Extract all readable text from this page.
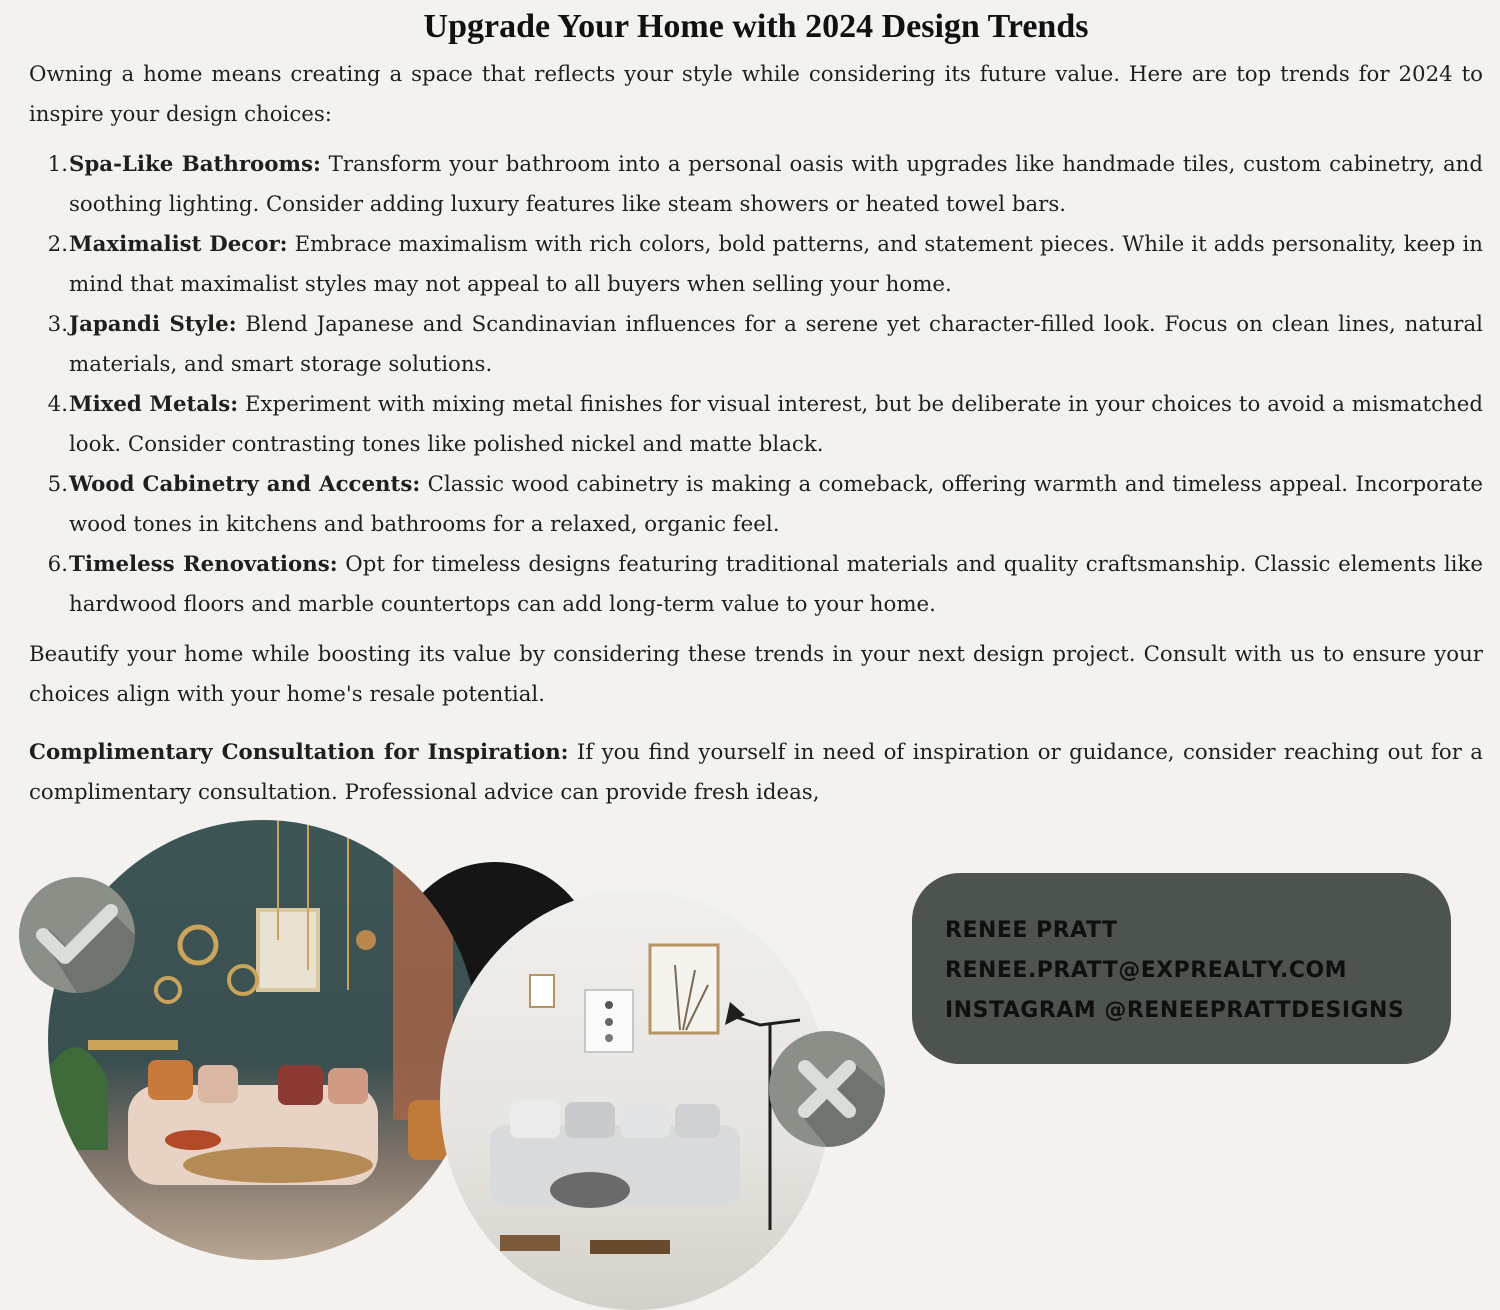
Upgrade Your Home with 2024 Design Trends

Owning a home means creating a space that reflects your style while considering its future value. Here are top trends for 2024 to inspire your design choices:

1. Spa-Like Bathrooms: Transform your bathroom into a personal oasis with upgrades like handmade tiles, custom cabinetry, and soothing lighting. Consider adding luxury features like steam showers or heated towel bars.
2. Maximalist Decor: Embrace maximalism with rich colors, bold patterns, and statement pieces. While it adds personality, keep in mind that maximalist styles may not appeal to all buyers when selling your home.
3. Japandi Style: Blend Japanese and Scandinavian influences for a serene yet character-filled look. Focus on clean lines, natural materials, and smart storage solutions.
4. Mixed Metals: Experiment with mixing metal finishes for visual interest, but be deliberate in your choices to avoid a mismatched look. Consider contrasting tones like polished nickel and matte black.
5. Wood Cabinetry and Accents: Classic wood cabinetry is making a comeback, offering warmth and timeless appeal. Incorporate wood tones in kitchens and bathrooms for a relaxed, organic feel.
6. Timeless Renovations: Opt for timeless designs featuring traditional materials and quality craftsmanship. Classic elements like hardwood floors and marble countertops can add long-term value to your home.

Beautify your home while boosting its value by considering these trends in your next design project. Consult with us to ensure your choices align with your home's resale potential.

Complimentary Consultation for Inspiration: If you find yourself in need of inspiration or guidance, consider reaching out for a complimentary consultation. Professional advice can provide fresh ideas,

RENEE PRATT
RENEE.PRATT@EXPREALTY.COM
INSTAGRAM @RENEEPRATTDESIGNS
